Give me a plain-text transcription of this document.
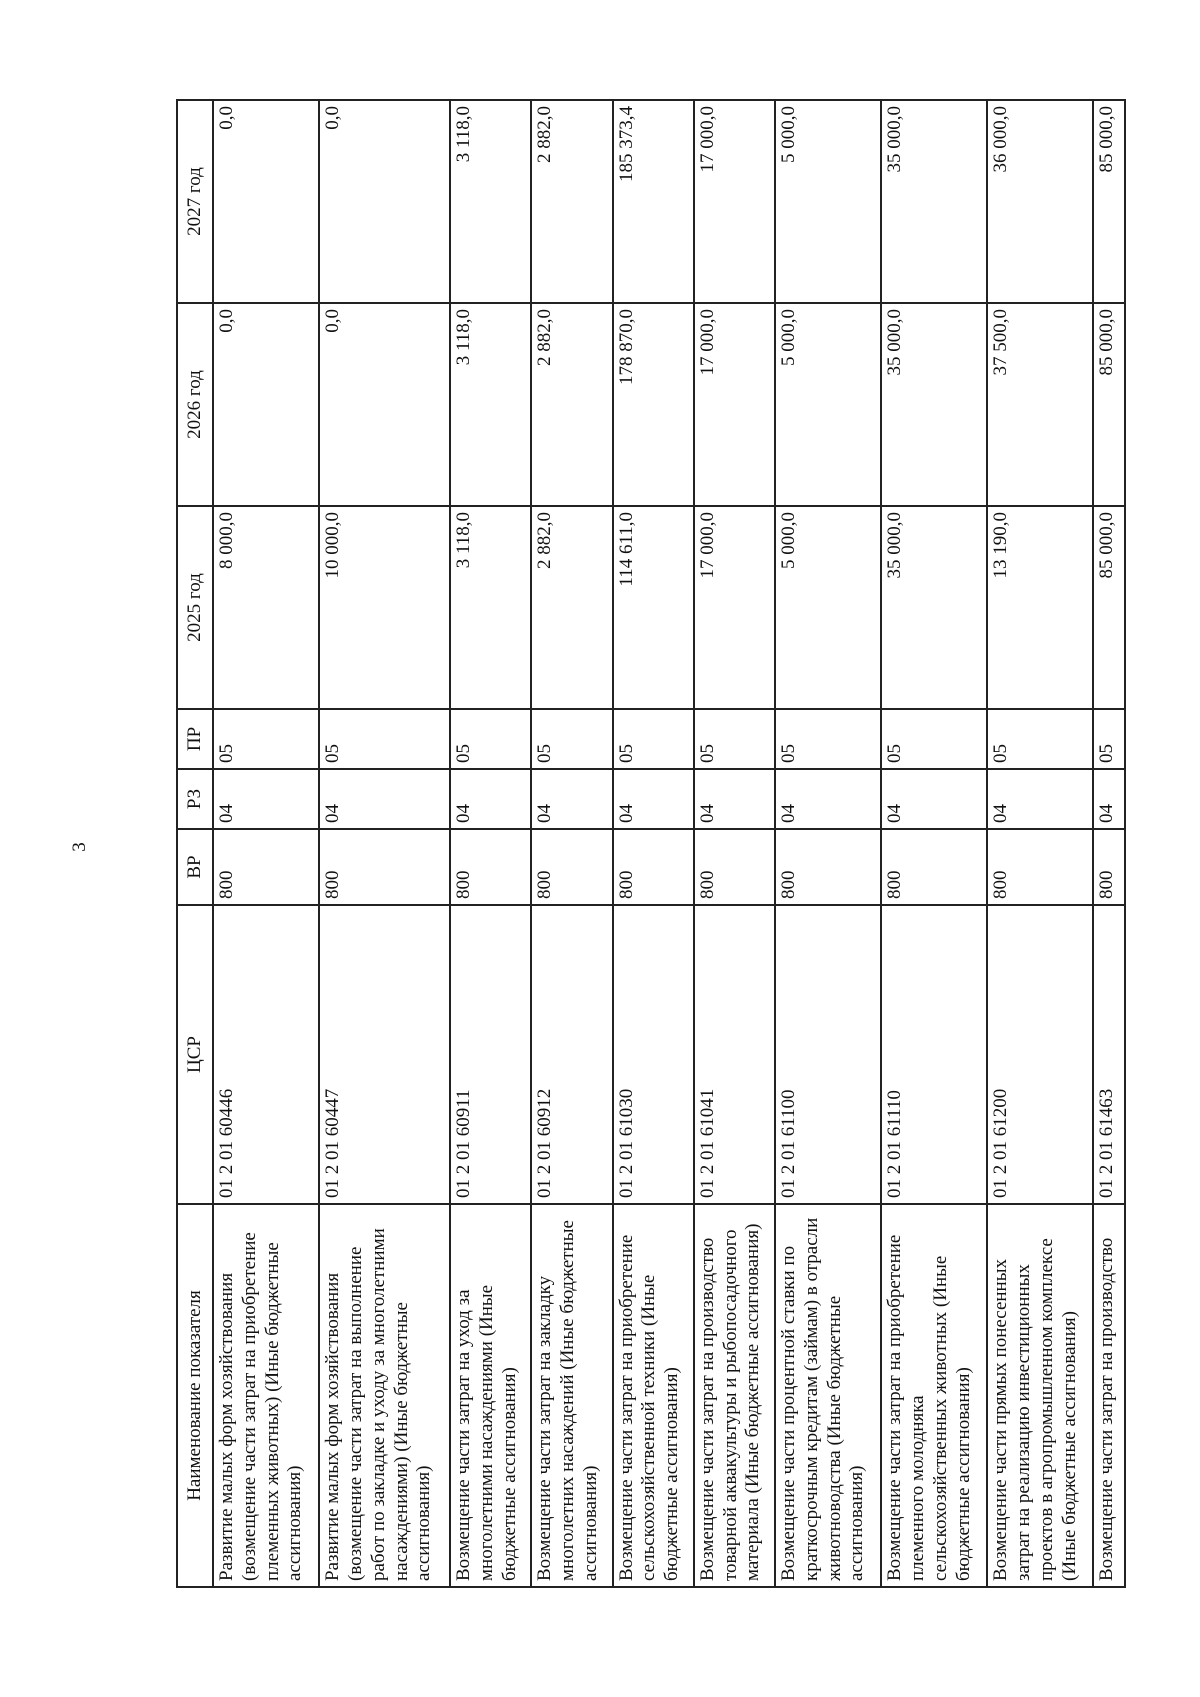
3
Наименование показателя	ЦСР	ВР	РЗ	ПР	2025 год	2026 год	2027 год
Развитие малых форм хозяйствования (возмещение части затрат на приобретение племенных животных) (Иные бюджетные ассигнования)	01 2 01 60446	800	04	05	8 000,0	0,0	0,0
Развитие малых форм хозяйствования (возмещение части затрат на выполнение работ по закладке и уходу за многолетними насаждениями) (Иные бюджетные ассигнования)	01 2 01 60447	800	04	05	10 000,0	0,0	0,0
Возмещение части затрат на уход за многолетними насаждениями (Иные бюджетные ассигнования)	01 2 01 60911	800	04	05	3 118,0	3 118,0	3 118,0
Возмещение части затрат на закладку многолетних насаждений (Иные бюджетные ассигнования)	01 2 01 60912	800	04	05	2 882,0	2 882,0	2 882,0
Возмещение части затрат на приобретение сельскохозяйственной техники (Иные бюджетные ассигнования)	01 2 01 61030	800	04	05	114 611,0	178 870,0	185 373,4
Возмещение части затрат на производство товарной аквакультуры и рыбопосадочного материала (Иные бюджетные ассигнования)	01 2 01 61041	800	04	05	17 000,0	17 000,0	17 000,0
Возмещение части процентной ставки по краткосрочным кредитам (займам) в отрасли животноводства (Иные бюджетные ассигнования)	01 2 01 61100	800	04	05	5 000,0	5 000,0	5 000,0
Возмещение части затрат на приобретение племенного молодняка сельскохозяйственных животных (Иные бюджетные ассигнования)	01 2 01 61110	800	04	05	35 000,0	35 000,0	35 000,0
Возмещение части прямых понесенных затрат на реализацию инвестиционных проектов в агропромышленном комплексе (Иные бюджетные ассигнования)	01 2 01 61200	800	04	05	13 190,0	37 500,0	36 000,0
Возмещение части затрат на производство	01 2 01 61463	800	04	05	85 000,0	85 000,0	85 000,0
